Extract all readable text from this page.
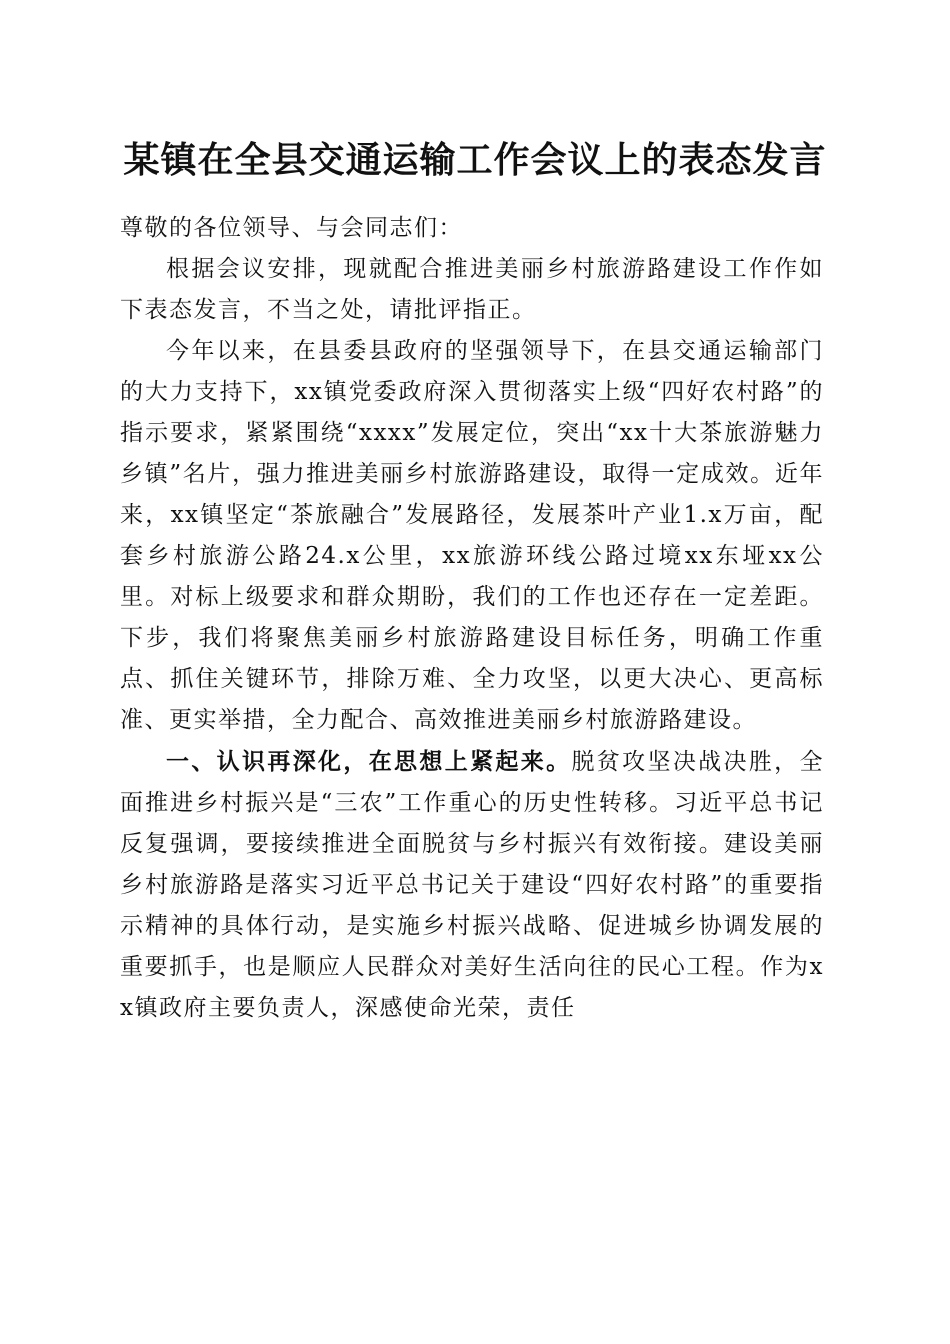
某镇在全县交通运输工作会议上的表态发言

尊敬的各位领导、与会同志们：

根据会议安排，现就配合推进美丽乡村旅游路建设工作作如下表态发言，不当之处，请批评指正。

今年以来，在县委县政府的坚强领导下，在县交通运输部门的大力支持下，xx镇党委政府深入贯彻落实上级“四好农村路”的指示要求，紧紧围绕“xxxx”发展定位，突出“xx十大茶旅游魅力乡镇”名片，强力推进美丽乡村旅游路建设，取得一定成效。近年来，xx镇坚定“茶旅融合”发展路径，发展茶叶产业1.x万亩，配套乡村旅游公路24.x公里，xx旅游环线公路过境xx东垭xx公里。对标上级要求和群众期盼，我们的工作也还存在一定差距。下步，我们将聚焦美丽乡村旅游路建设目标任务，明确工作重点、抓住关键环节，排除万难、全力攻坚，以更大决心、更高标准、更实举措，全力配合、高效推进美丽乡村旅游路建设。

一、认识再深化，在思想上紧起来。脱贫攻坚决战决胜，全面推进乡村振兴是“三农”工作重心的历史性转移。习近平总书记反复强调，要接续推进全面脱贫与乡村振兴有效衔接。建设美丽乡村旅游路是落实习近平总书记关于建设“四好农村路”的重要指示精神的具体行动，是实施乡村振兴战略、促进城乡协调发展的重要抓手，也是顺应人民群众对美好生活向往的民心工程。作为xx镇政府主要负责人，深感使命光荣，责任
